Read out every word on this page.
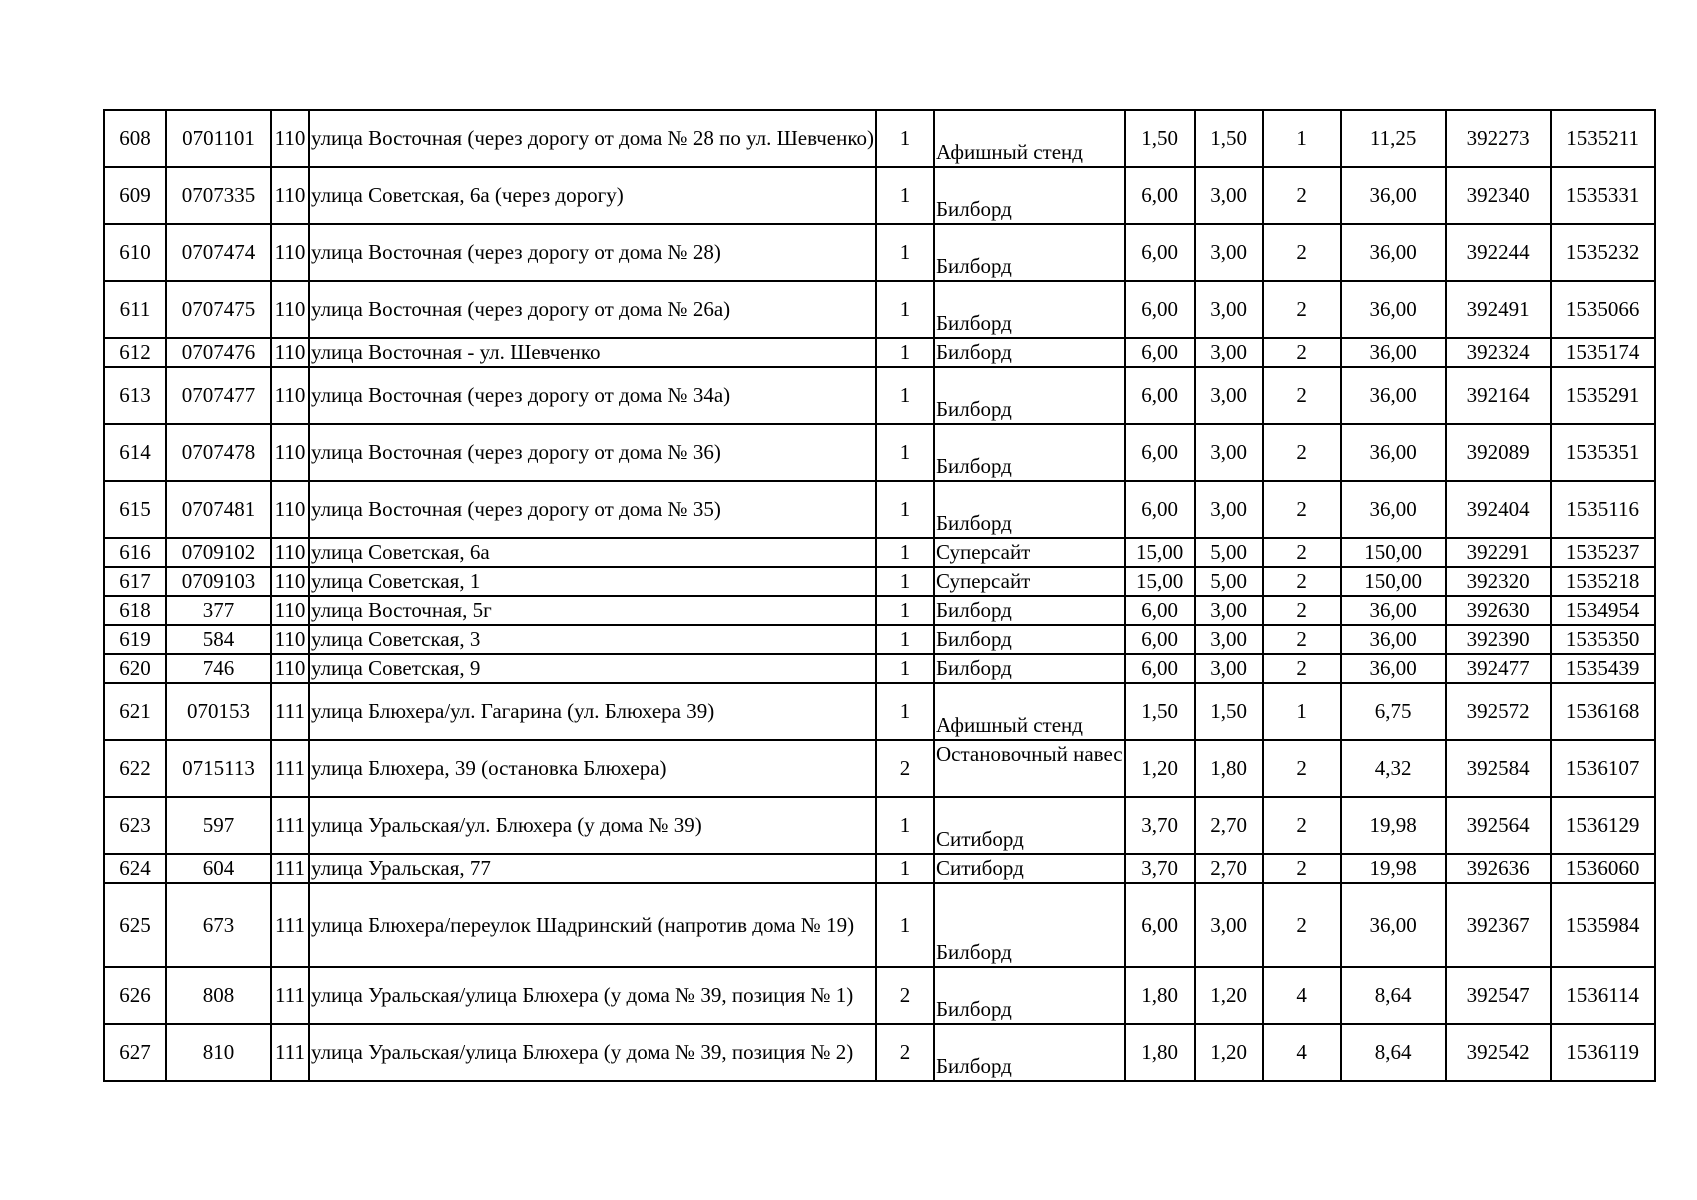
608	0701101	110	улица Восточная (через дорогу от дома № 28 по ул. Шевченко)	1	Афишный стенд	1,50	1,50	1	11,25	392273	1535211
609	0707335	110	улица Советская, 6а (через дорогу)	1	Билборд	6,00	3,00	2	36,00	392340	1535331
610	0707474	110	улица Восточная (через дорогу от дома № 28)	1	Билборд	6,00	3,00	2	36,00	392244	1535232
611	0707475	110	улица Восточная (через дорогу от дома № 26а)	1	Билборд	6,00	3,00	2	36,00	392491	1535066
612	0707476	110	улица Восточная - ул. Шевченко	1	Билборд	6,00	3,00	2	36,00	392324	1535174
613	0707477	110	улица Восточная (через дорогу от дома № 34а)	1	Билборд	6,00	3,00	2	36,00	392164	1535291
614	0707478	110	улица Восточная (через дорогу от дома № 36)	1	Билборд	6,00	3,00	2	36,00	392089	1535351
615	0707481	110	улица Восточная (через дорогу от дома № 35)	1	Билборд	6,00	3,00	2	36,00	392404	1535116
616	0709102	110	улица Советская, 6а	1	Суперсайт	15,00	5,00	2	150,00	392291	1535237
617	0709103	110	улица Советская, 1	1	Суперсайт	15,00	5,00	2	150,00	392320	1535218
618	377	110	улица Восточная, 5г	1	Билборд	6,00	3,00	2	36,00	392630	1534954
619	584	110	улица Советская, 3	1	Билборд	6,00	3,00	2	36,00	392390	1535350
620	746	110	улица Советская, 9	1	Билборд	6,00	3,00	2	36,00	392477	1535439
621	070153	111	улица Блюхера/ул. Гагарина (ул. Блюхера 39)	1	Афишный стенд	1,50	1,50	1	6,75	392572	1536168
622	0715113	111	улица Блюхера, 39 (остановка Блюхера)	2	Остановочный навес	1,20	1,80	2	4,32	392584	1536107
623	597	111	улица Уральская/ул. Блюхера (у дома № 39)	1	Ситиборд	3,70	2,70	2	19,98	392564	1536129
624	604	111	улица Уральская, 77	1	Ситиборд	3,70	2,70	2	19,98	392636	1536060
625	673	111	улица Блюхера/переулок Шадринский (напротив дома № 19)	1	Билборд	6,00	3,00	2	36,00	392367	1535984
626	808	111	улица Уральская/улица Блюхера (у дома № 39, позиция № 1)	2	Билборд	1,80	1,20	4	8,64	392547	1536114
627	810	111	улица Уральская/улица Блюхера (у дома № 39, позиция № 2)	2	Билборд	1,80	1,20	4	8,64	392542	1536119
